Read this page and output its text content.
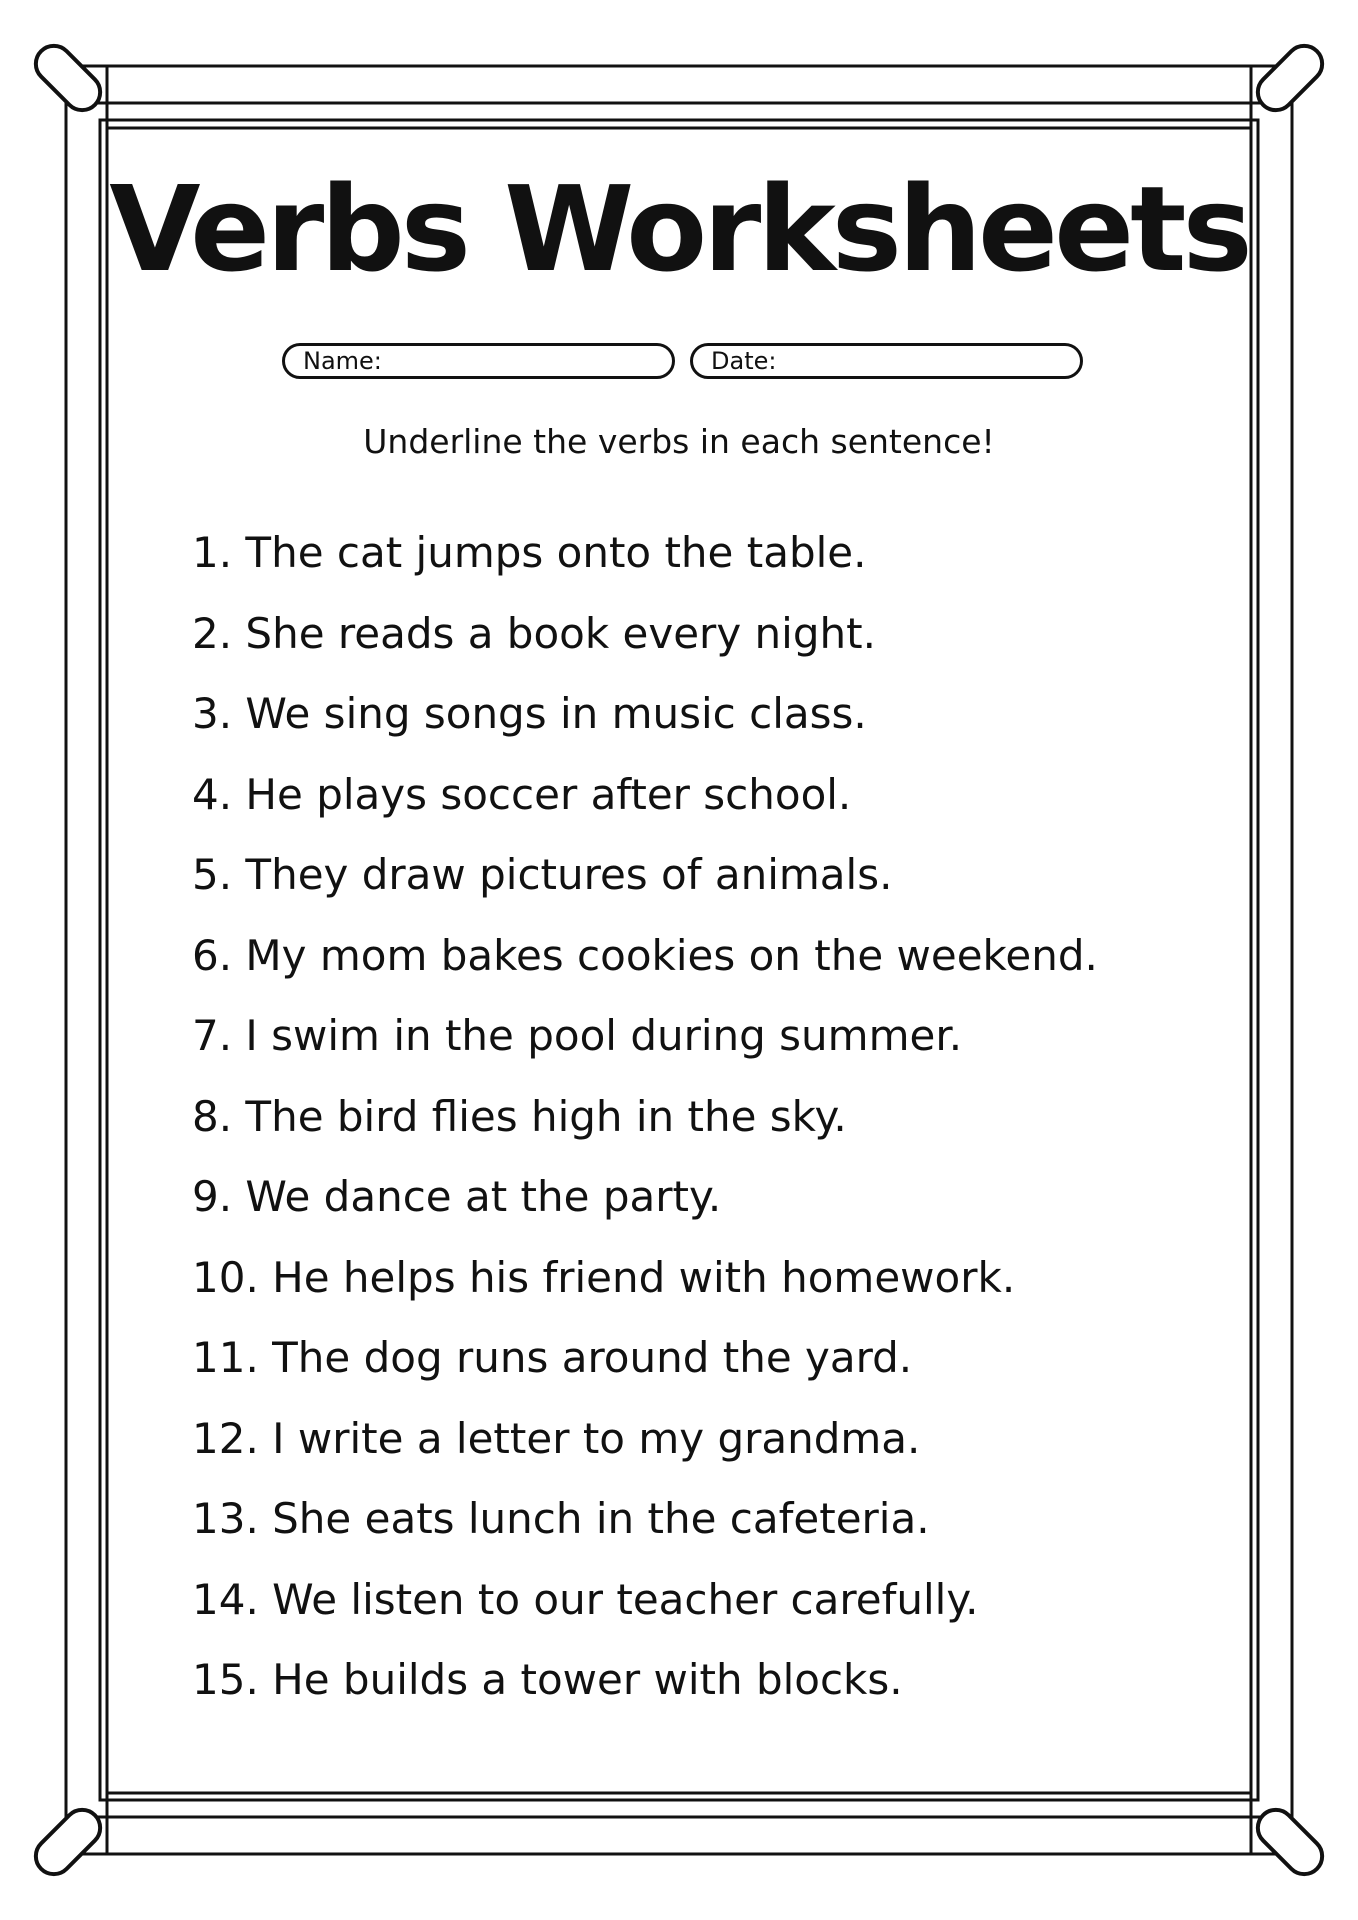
Verbs Worksheets
Name:	Date:
Underline the verbs in each sentence!
1. The cat jumps onto the table.
2. She reads a book every night.
3. We sing songs in music class.
4. He plays soccer after school.
5. They draw pictures of animals.
6. My mom bakes cookies on the weekend.
7. I swim in the pool during summer.
8. The bird flies high in the sky.
9. We dance at the party.
10. He helps his friend with homework.
11. The dog runs around the yard.
12. I write a letter to my grandma.
13. She eats lunch in the cafeteria.
14. We listen to our teacher carefully.
15. He builds a tower with blocks.
